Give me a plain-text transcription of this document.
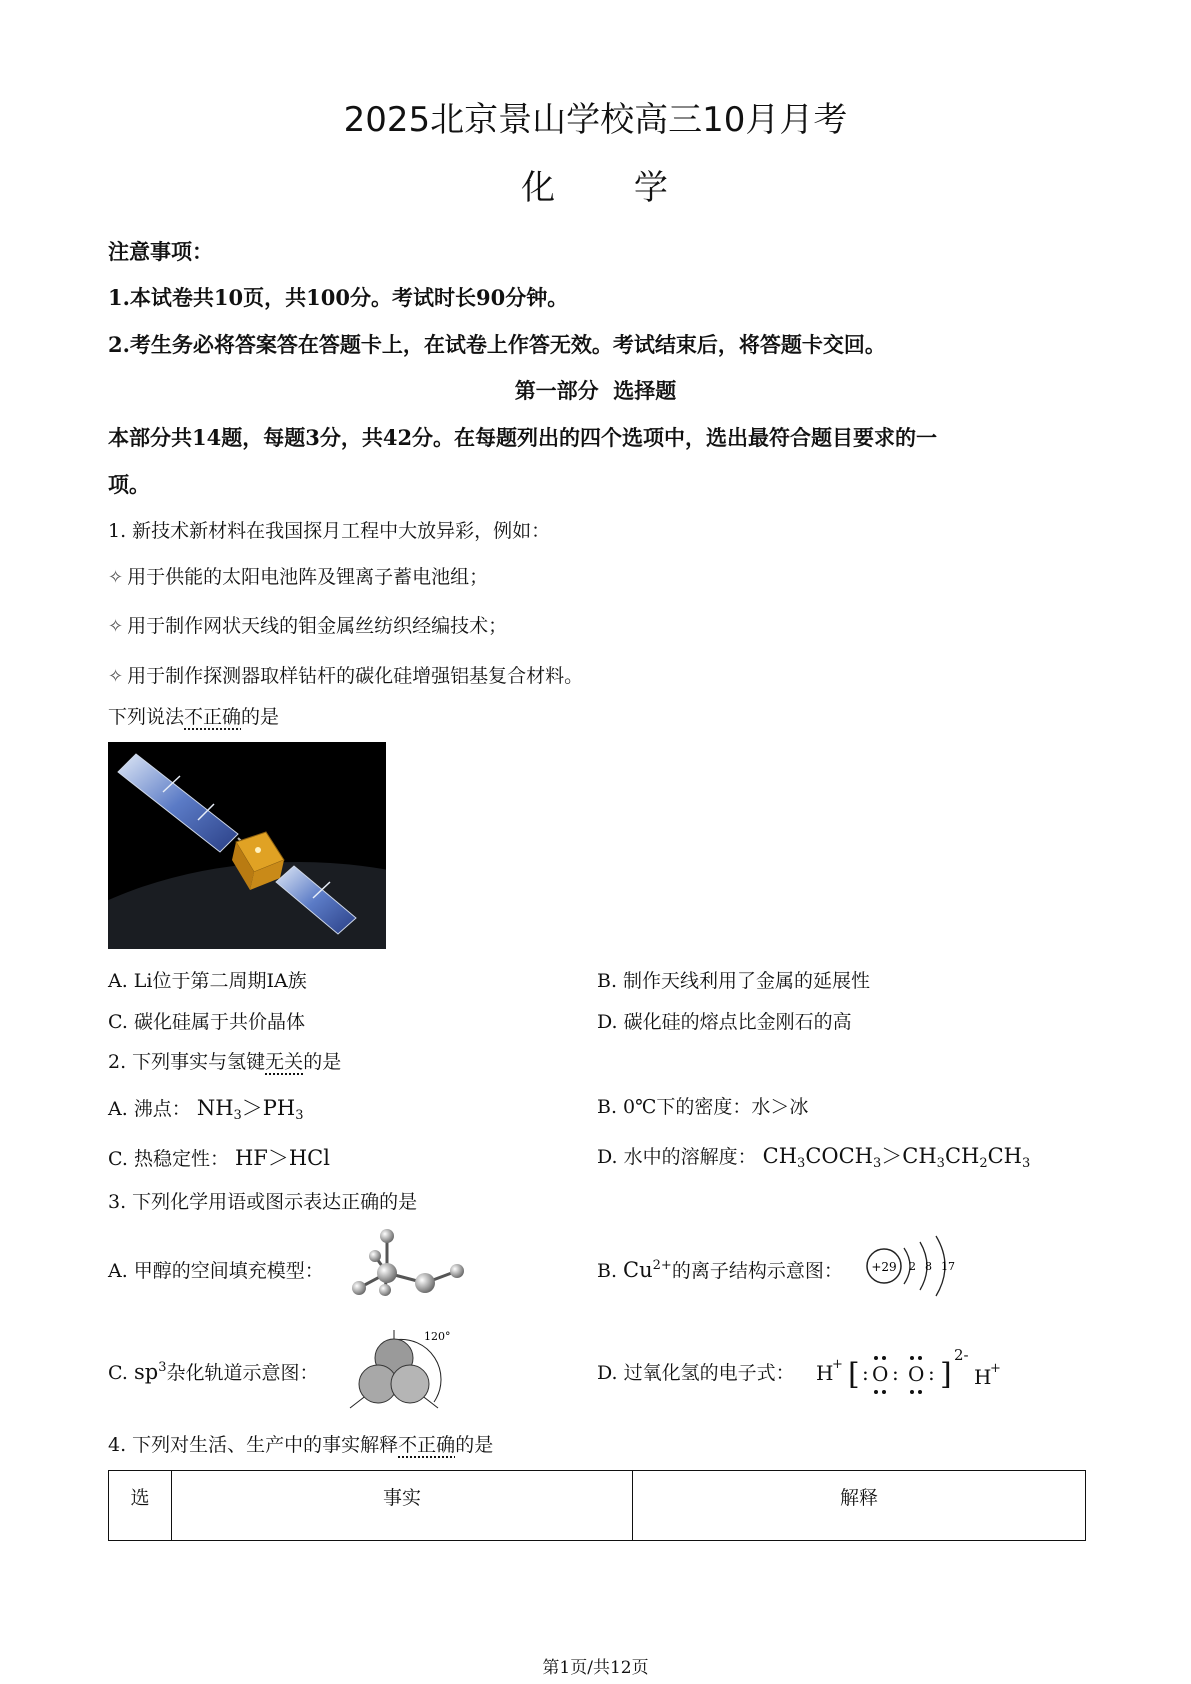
2025北京景山学校高三10月月考
化      学
注意事项：
1.本试卷共10页，共100分。考试时长90分钟。
2.考生务必将答案答在答题卡上，在试卷上作答无效。考试结束后，将答题卡交回。
第一部分  选择题
本部分共14题，每题3分，共42分。在每题列出的四个选项中，选出最符合题目要求的一
项。
1. 新技术新材料在我国探月工程中大放异彩，例如：
✧ 用于供能的太阳电池阵及锂离子蓄电池组；
✧ 用于制作网状天线的钼金属丝纺织经编技术；
✧ 用于制作探测器取样钻杆的碳化硅增强铝基复合材料。
下列说法不正确的是
A. Li位于第二周期IA族	B. 制作天线利用了金属的延展性
C. 碳化硅属于共价晶体	D. 碳化硅的熔点比金刚石的高
2. 下列事实与氢键无关的是
A. 沸点： $NH_3>PH_3$	B. 0℃下的密度：水＞冰
C. 热稳定性： HF＞HCl	D. 水中的溶解度： $CH_3COCH_3>CH_3CH_2CH_3$
3. 下列化学用语或图示表达正确的是
A. 甲醇的空间填充模型：	B. $Cu^{2+}$的离子结构示意图： +29 2 8 17
C. $sp^3$杂化轨道示意图：
120°
D. 过氧化氢的电子式： H
+ [ : O : O : ]
2-
H
+
4. 下列对生活、生产中的事实解释不正确的是
选	事实	解释
第1页/共12页
